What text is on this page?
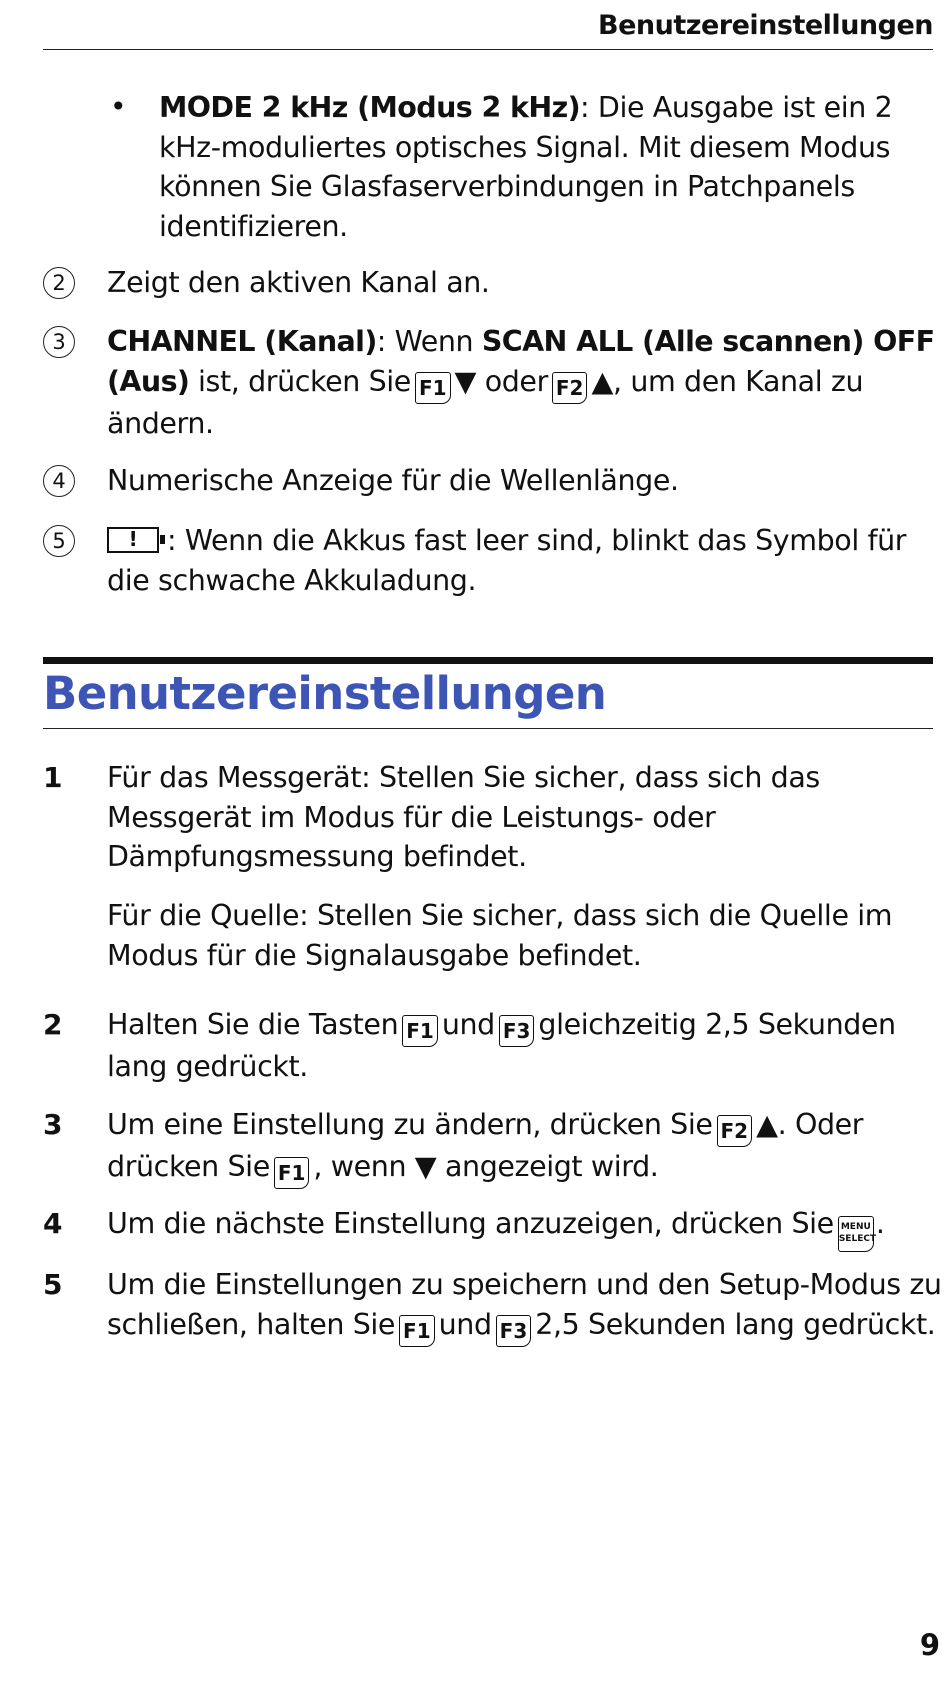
Benutzereinstellungen
• MODE 2 kHz (Modus 2 kHz): Die Ausgabe ist ein 2 kHz-moduliertes optisches Signal. Mit diesem Modus können Sie Glasfaserverbindungen in Patchpanels identifizieren.
2	Zeigt den aktiven Kanal an.
3	CHANNEL (Kanal): Wenn SCAN ALL (Alle scannen) OFF (Aus) ist, drücken Sie F1 ▼ oder F2 ▲, um den Kanal zu ändern.
4	Numerische Anzeige für die Wellenlänge.
5	!	: Wenn die Akkus fast leer sind, blinkt das Symbol für die schwache Akkuladung.
Benutzereinstellungen
1 Für das Messgerät: Stellen Sie sicher, dass sich das Messgerät im Modus für die Leistungs- oder Dämpfungsmessung befindet.
Für die Quelle: Stellen Sie sicher, dass sich die Quelle im Modus für die Signalausgabe befindet.
2 Halten Sie die Tasten F1 und F3 gleichzeitig 2,5 Sekunden lang gedrückt.
3 Um eine Einstellung zu ändern, drücken Sie F2 ▲. Oder drücken Sie F1 , wenn ▼ angezeigt wird.
4 Um die nächste Einstellung anzuzeigen, drücken Sie MENU
SELECT.
5 Um die Einstellungen zu speichern und den Setup-Modus zu schließen, halten Sie F1 und F3 2,5 Sekunden lang gedrückt.
9
